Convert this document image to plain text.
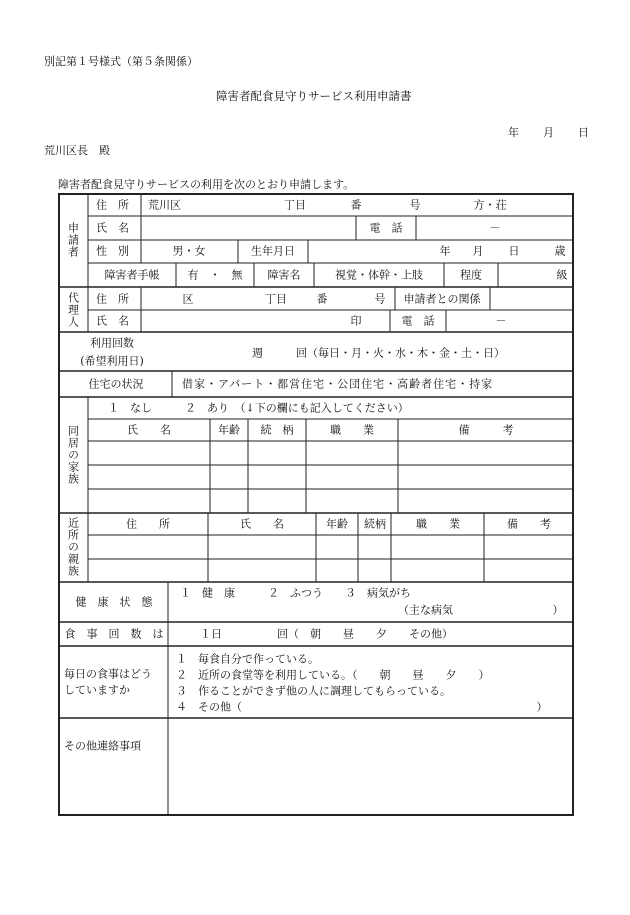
別記第１号様式（第５条関係）
障害者配食見守りサービス利用申請書
年 月 日
荒川区長　殿
障害者配食見守りサービスの利用を次のとおり申請します。
申請者
住　所 荒川区	丁目	番	号	方・荘
氏　名	電　話	－
性　別	男・女	生年月日	年 月 日	歳
障害者手帳	有　・　無 障害名	視覚・体幹・上肢	程度	級
代理人 住　所	区	丁目	番	号 申請者との関係
氏　名	印	電　話	－
利用回数
(希望利用日)
週　　　回（毎日・月・火・水・木・金・土・日）
住宅の状況	借家・アパート・都営住宅・公団住宅・高齢者住宅・持家
同居の家族
１　なし　　　２　あり　（↓下の欄にも記入してください）
氏　　名	年齢 続　柄	職　　業	備　　　考
近所の親族	住　　所	氏　　名	年齢 続柄	職　　業	備　　考
健　康　状　態
１　健　康　　　２　ふつう　　３　病気がち
（主な病気	）
食　事　回　数　は	１日　　　　　回（　朝　　昼　　夕　　その他）
毎日の食事はどう
していますか
１　毎食自分で作っている。
２　近所の食堂等を利用している。（　　朝　　昼　　夕　　）
３　作ることができず他の人に調理してもらっている。
４　その他（	）
その他連絡事項
